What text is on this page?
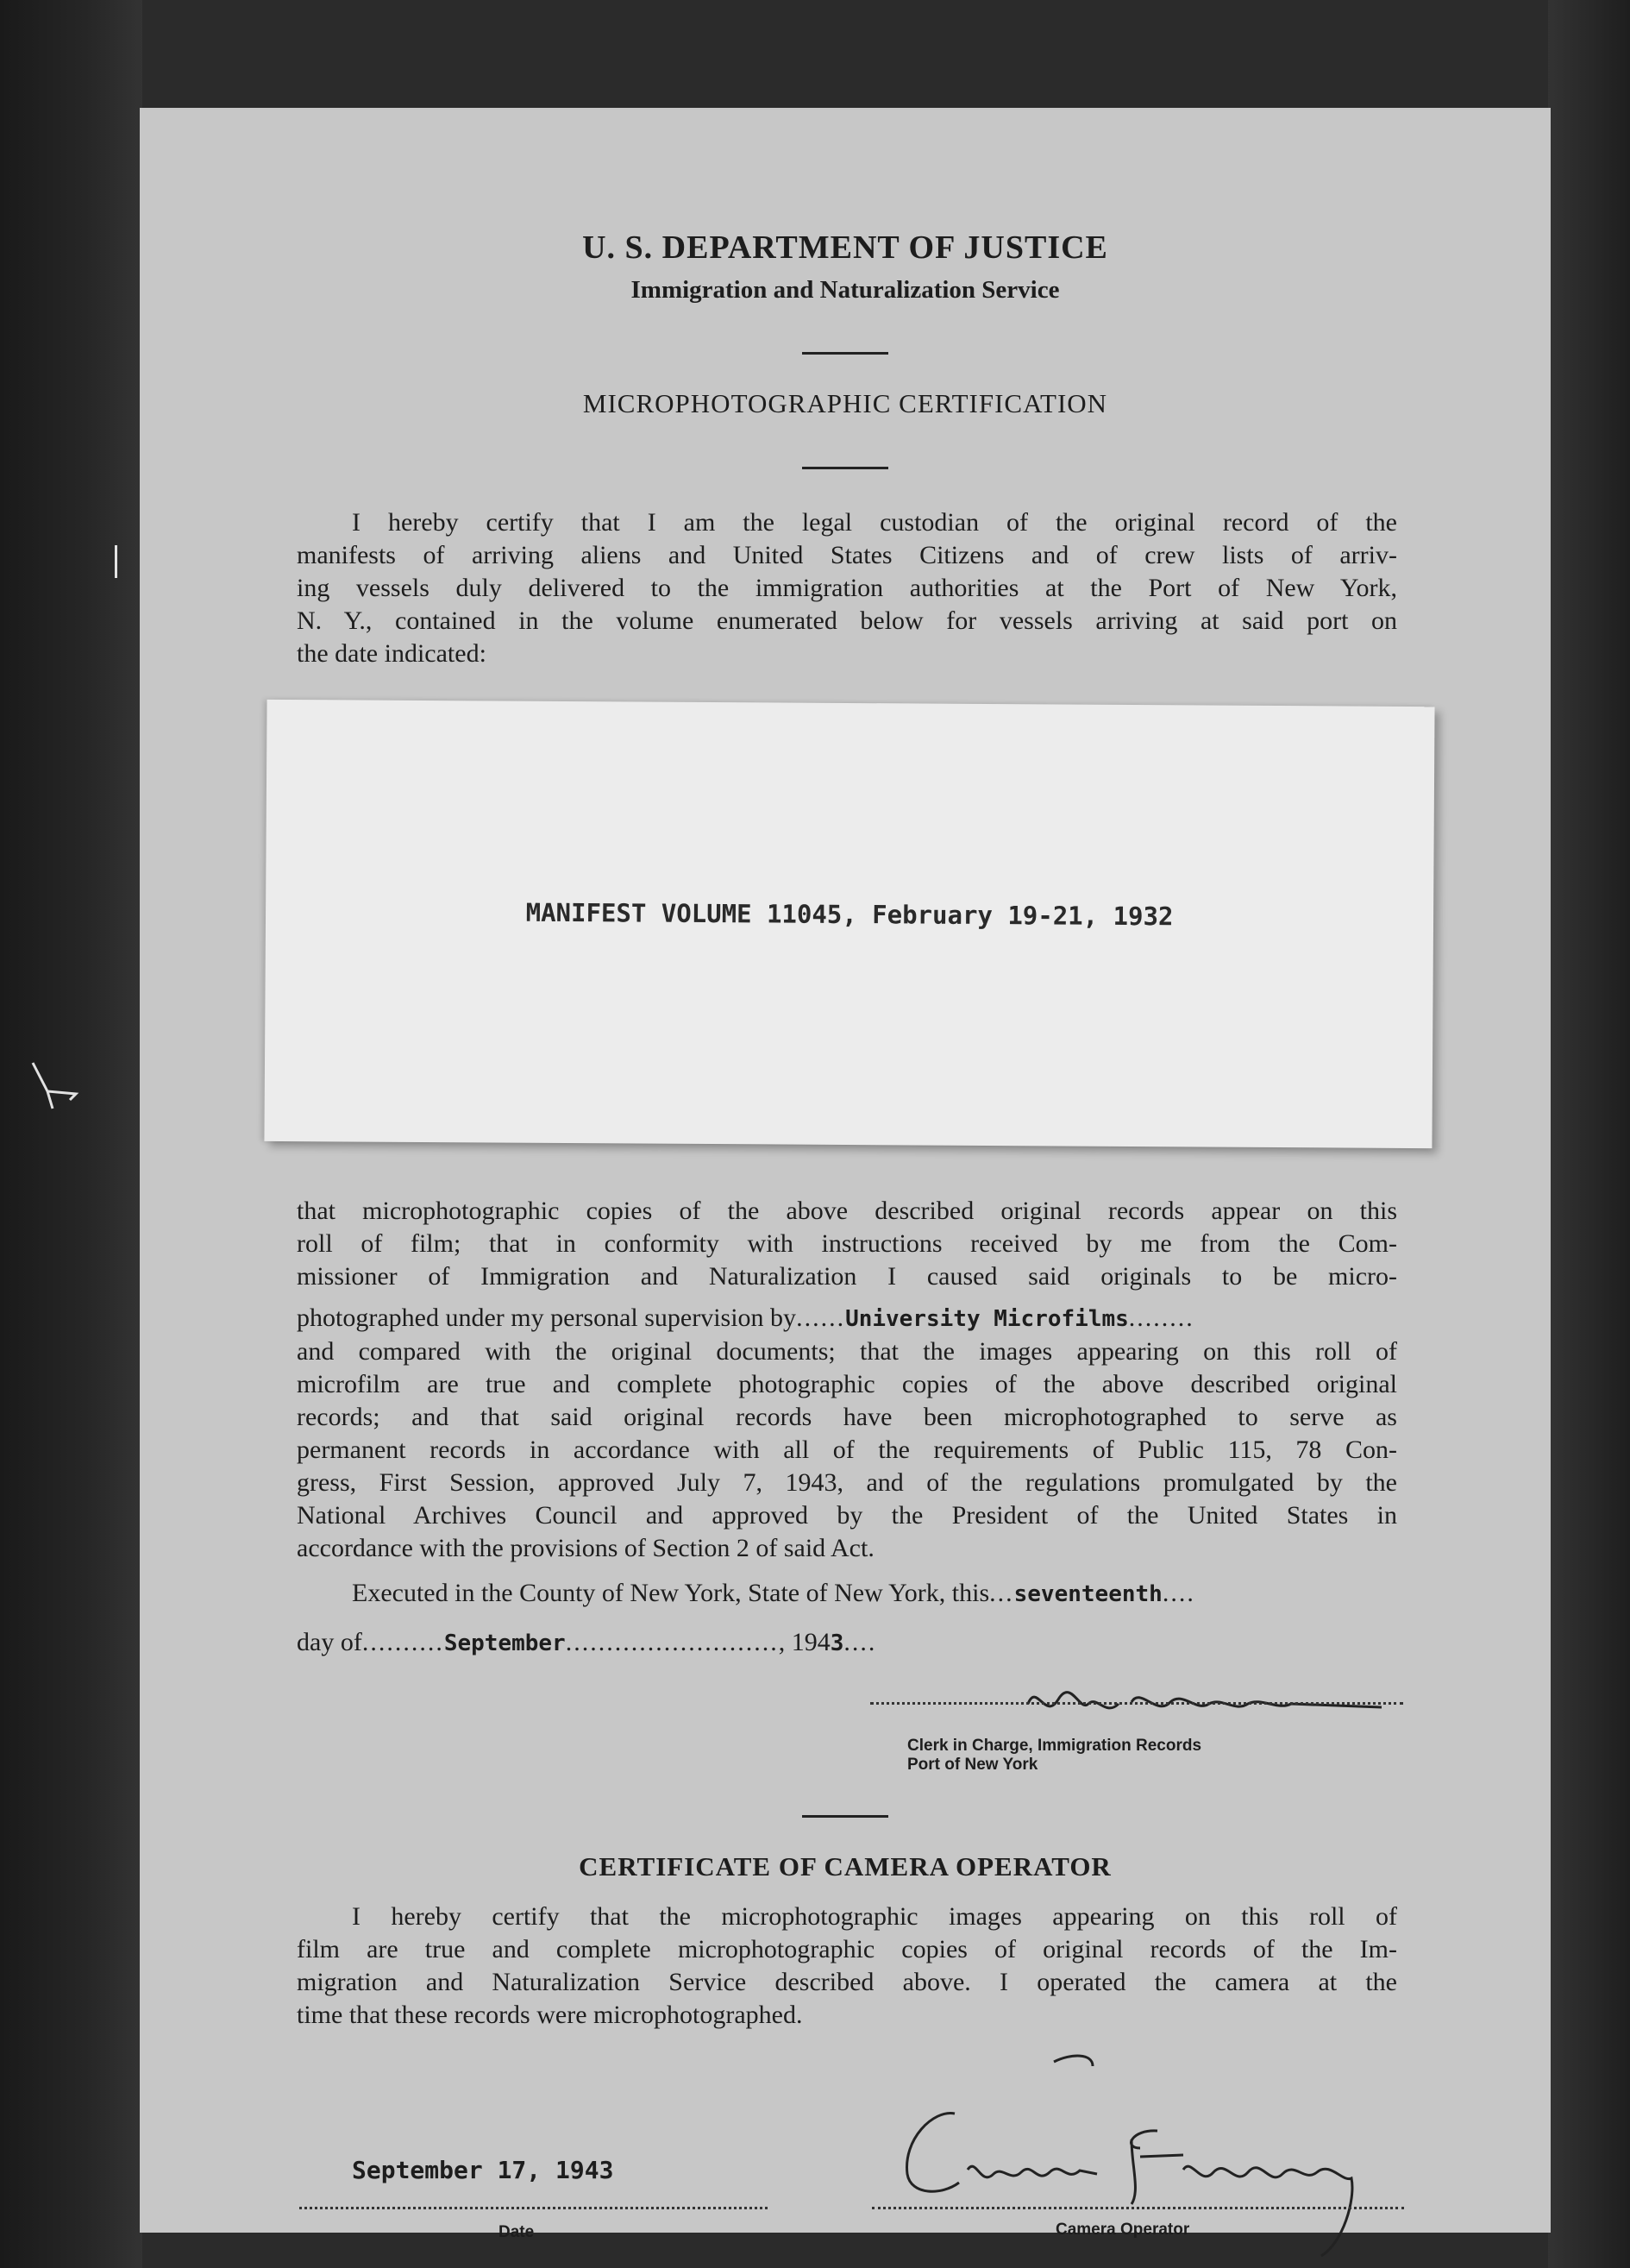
U. S. DEPARTMENT OF JUSTICE
Immigration and Naturalization Service
MICROPHOTOGRAPHIC CERTIFICATION
I hereby certify that I am the legal custodian of the original record of the
manifests of arriving aliens and United States Citizens and of crew lists of arriv-
ing vessels duly delivered to the immigration authorities at the Port of New York,
N. Y., contained in the volume enumerated below for vessels arriving at said port on
the date indicated:
MANIFEST VOLUME 11045, February 19-21, 1932
that microphotographic copies of the above described original records appear on this
roll of film; that in conformity with instructions received by me from the Com-
missioner of Immigration and Naturalization I caused said originals to be micro-
photographed under my personal supervision by......University Microfilms........
and compared with the original documents; that the images appearing on this roll of
microfilm are true and complete photographic copies of the above described original
records; and that said original records have been microphotographed to serve as
permanent records in accordance with all of the requirements of Public 115, 78 Con-
gress, First Session, approved July 7, 1943, and of the regulations promulgated by the
National Archives Council and approved by the President of the United States in
accordance with the provisions of Section 2 of said Act.
Executed in the County of New York, State of New York, this...seventeenth....
day of..........September.........................., 1943....
Clerk in Charge, Immigration Records
Port of New York
CERTIFICATE OF CAMERA OPERATOR
I hereby certify that the microphotographic images appearing on this roll of
film are true and complete microphotographic copies of original records of the Im-
migration and Naturalization Service described above. I operated the camera at the
time that these records were microphotographed.
September 17, 1943
Date	Camera Operator
